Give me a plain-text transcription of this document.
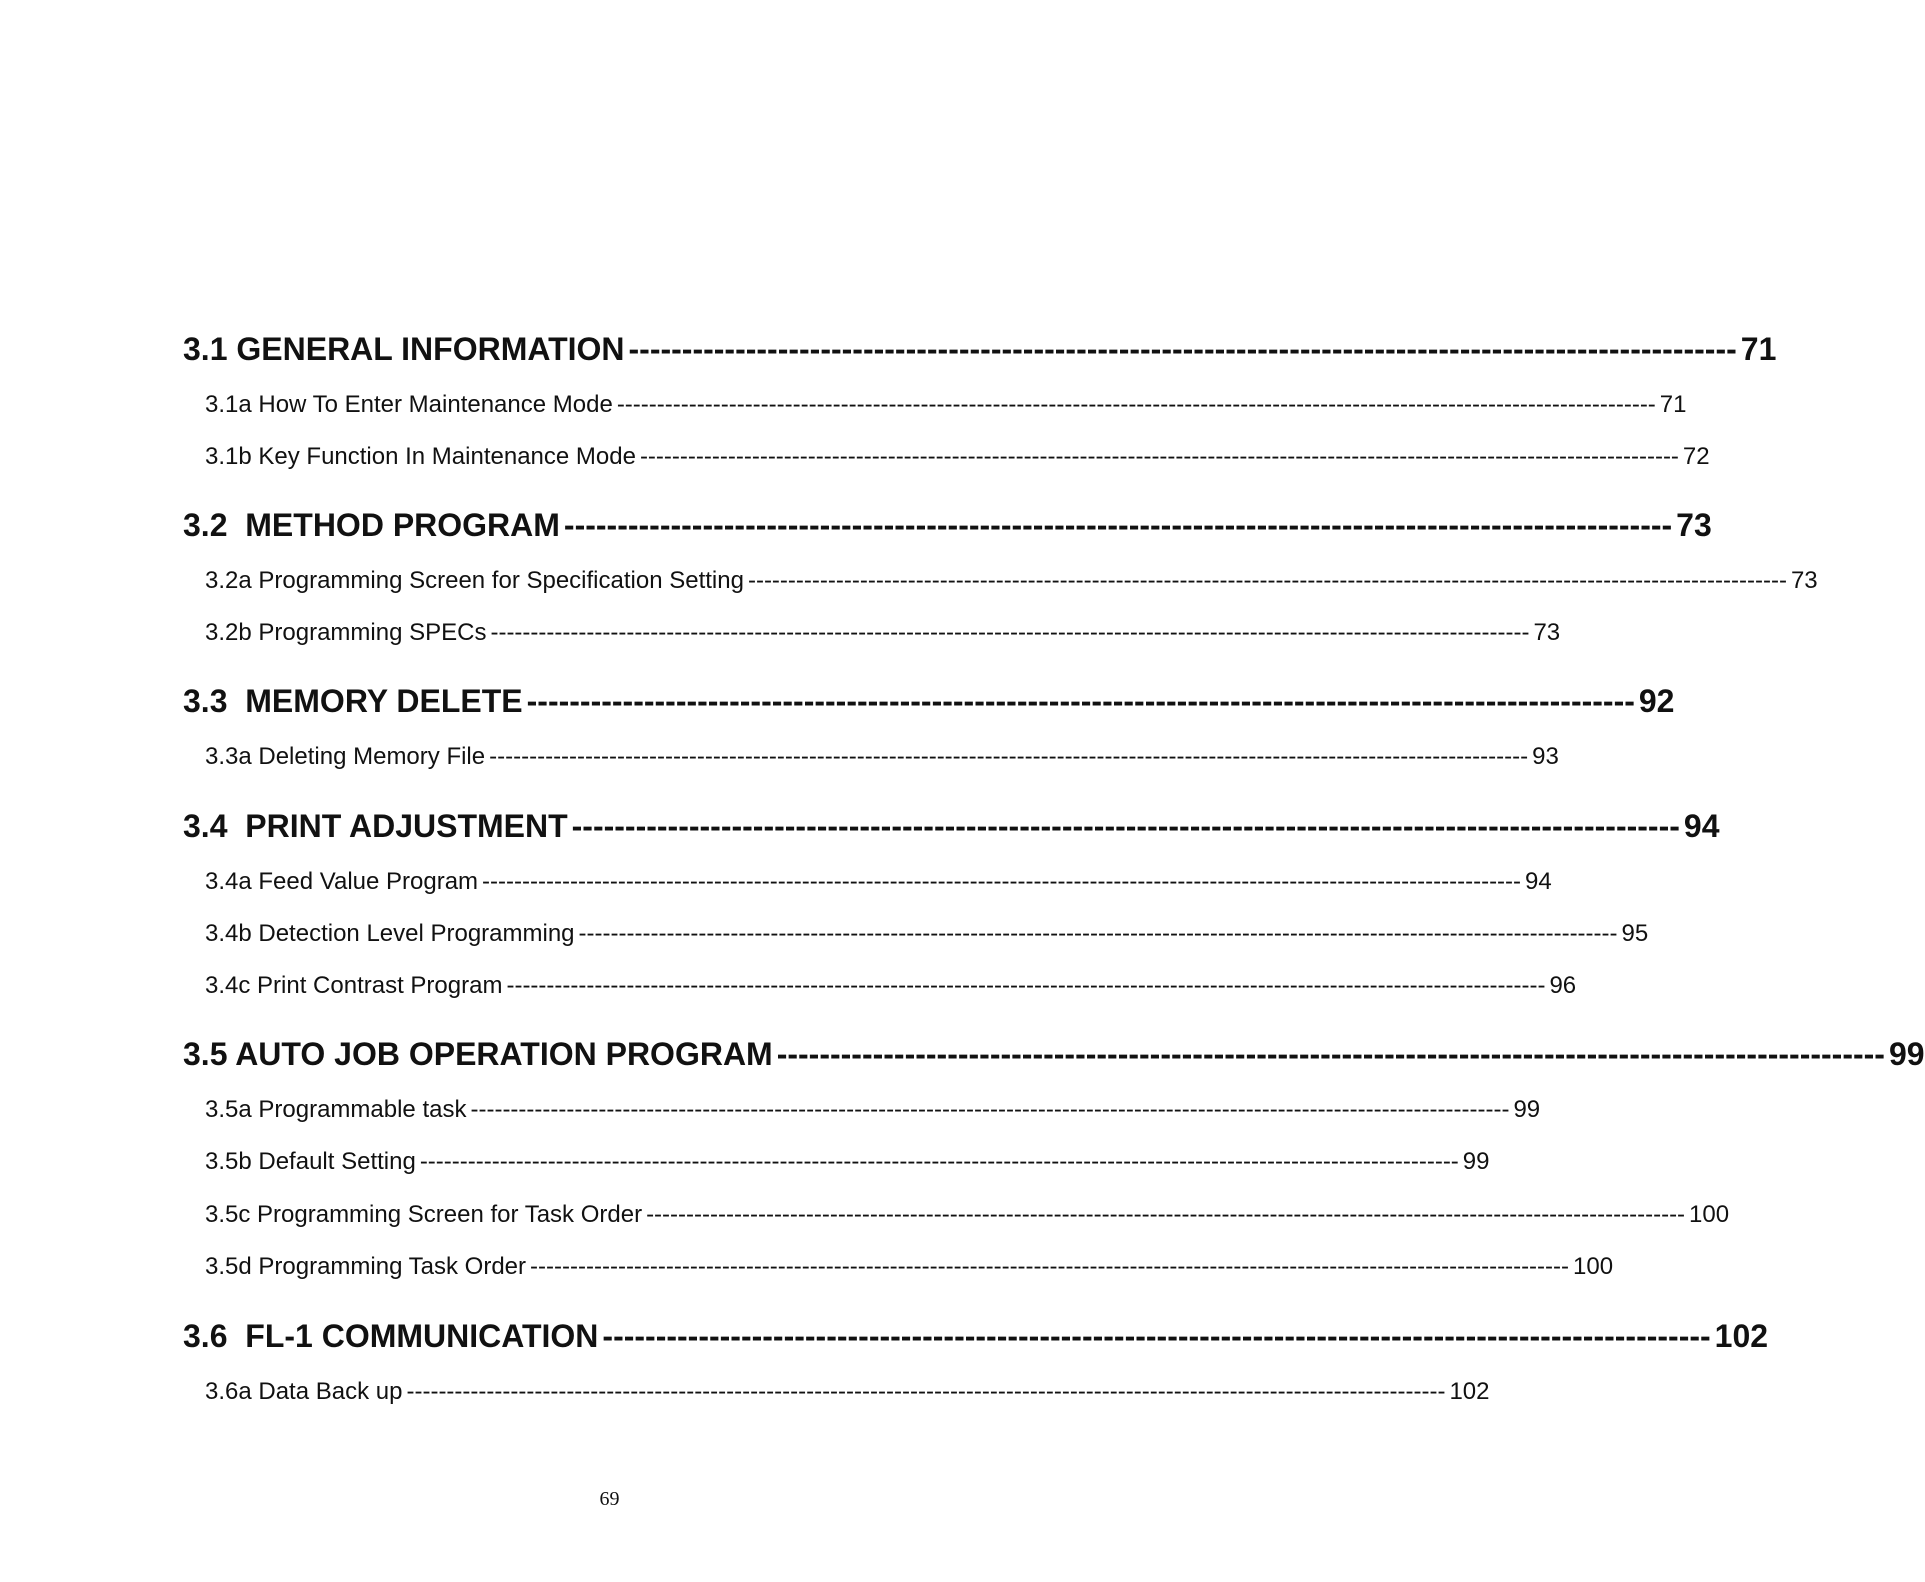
3.1 GENERAL INFORMATION -------------------------------------------------------------------------------------------------------- 71
3.1a How To Enter Maintenance Mode ---------------------------------------------------------------------------------------------------------------------------------- 71
3.1b Key Function In Maintenance Mode ---------------------------------------------------------------------------------------------------------------------------------- 72
3.2  METHOD PROGRAM -------------------------------------------------------------------------------------------------------- 73
3.2a Programming Screen for Specification Setting ---------------------------------------------------------------------------------------------------------------------------------- 73
3.2b Programming SPECs ---------------------------------------------------------------------------------------------------------------------------------- 73
3.3  MEMORY DELETE -------------------------------------------------------------------------------------------------------- 92
3.3a Deleting Memory File ---------------------------------------------------------------------------------------------------------------------------------- 93
3.4  PRINT ADJUSTMENT -------------------------------------------------------------------------------------------------------- 94
3.4a Feed Value Program ---------------------------------------------------------------------------------------------------------------------------------- 94
3.4b Detection Level Programming ---------------------------------------------------------------------------------------------------------------------------------- 95
3.4c Print Contrast Program ---------------------------------------------------------------------------------------------------------------------------------- 96
3.5 AUTO JOB OPERATION PROGRAM -------------------------------------------------------------------------------------------------------- 99
3.5a Programmable task ---------------------------------------------------------------------------------------------------------------------------------- 99
3.5b Default Setting ---------------------------------------------------------------------------------------------------------------------------------- 99
3.5c Programming Screen for Task Order ---------------------------------------------------------------------------------------------------------------------------------- 100
3.5d Programming Task Order ---------------------------------------------------------------------------------------------------------------------------------- 100
3.6  FL-1 COMMUNICATION -------------------------------------------------------------------------------------------------------- 102
3.6a Data Back up ---------------------------------------------------------------------------------------------------------------------------------- 102
69
